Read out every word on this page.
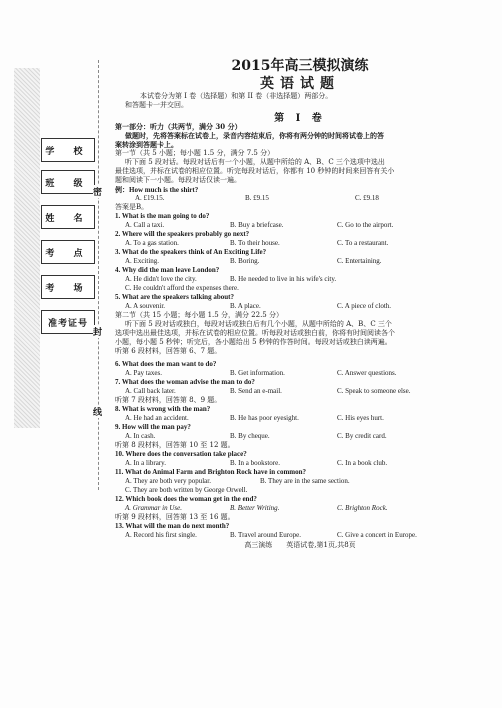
学 校
班 级
姓 名
考 点
考 场
准考证号
密
封
线
2015年高三模拟演练
英语试题
本试卷分为第 I 卷（选择题）和第 II 卷（非选择题）两部分。
和答题卡一并交回。
第 I 卷
第一部分：听力（共两节，满分 30 分）
做题时，先将答案标在试卷上，录音内容结束后，你将有两分钟的时间将试卷上的答
案转涂到答题卡上。
第一节（共 5 小题；每小题 1.5 分，满分 7.5 分）
听下面 5 段对话。每段对话后有一个小题，从题中所给的 A、B、C 三个选项中选出
最佳选项，并标在试卷的相应位置。听完每段对话后，你都有 10 秒钟的时间来回答有关小
题和阅读下一小题。每段对话仅读一遍。
例：How much is the shirt?
A. £19.15.	B. £9.15	C. £9.18
答案是B。
1. What is the man going to do?
A. Call a taxi.	B. Buy a briefcase.	C. Go to the airport.
2. Where will the speakers probably go next?
A. To a gas station.	B. To their house.	C. To a restaurant.
3. What do the speakers think of An Exciting Life?
A. Exciting.	B. Boring.	C. Entertaining.
4. Why did the man leave London?
A. He didn't love the city.	B. He needed to live in his wife's city.
C. He couldn't afford the expenses there.
5. What are the speakers talking about?
A. A souvenir.	B. A place.	C. A piece of cloth.
第二节（共 15 小题；每小题 1.5 分，满分 22.5 分）
听下面 5 段对话或独白，每段对话或独白后有几个小题，从题中所给的 A、B、C 三个
选项中选出最佳选项，并标在试卷的相应位置。听每段对话或独白前，你将有时间阅读各个
小题，每小题 5 秒钟；听完后，各小题给出 5 秒钟的作答时间。每段对话或独白读两遍。
听第 6 段材料，回答第 6、7 题。
6. What does the man want to do?
A. Pay taxes.	B. Get information.	C. Answer questions.
7. What does the woman advise the man to do?
A. Call back later.	B. Send an e-mail.	C. Speak to someone else.
听第 7 段材料，回答第 8、9 题。
8. What is wrong with the man?
A. He had an accident.	B. He has poor eyesight.	C. His eyes hurt.
9. How will the man pay?
A. In cash.	B. By cheque.	C. By credit card.
听第 8 段材料，回答第 10 至 12 题。
10. Where does the conversation take place?
A. In a library.	B. In a bookstore.	C. In a book club.
11. What do Animal Farm and Brighton Rock have in common?
A. They are both very popular.	B. They are in the same section.
C. They are both written by George Orwell.
12. Which book does the woman get in the end?
A. Grammar in Use.	B. Better Writing.	C. Brighton Rock.
听第 9 段材料，回答第 13 至 16 题。
13. What will the man do next month?
A. Record his first single.	B. Travel around Europe.	C. Give a concert in Europe.
高三演练　　英语试卷,第1页,共8页
